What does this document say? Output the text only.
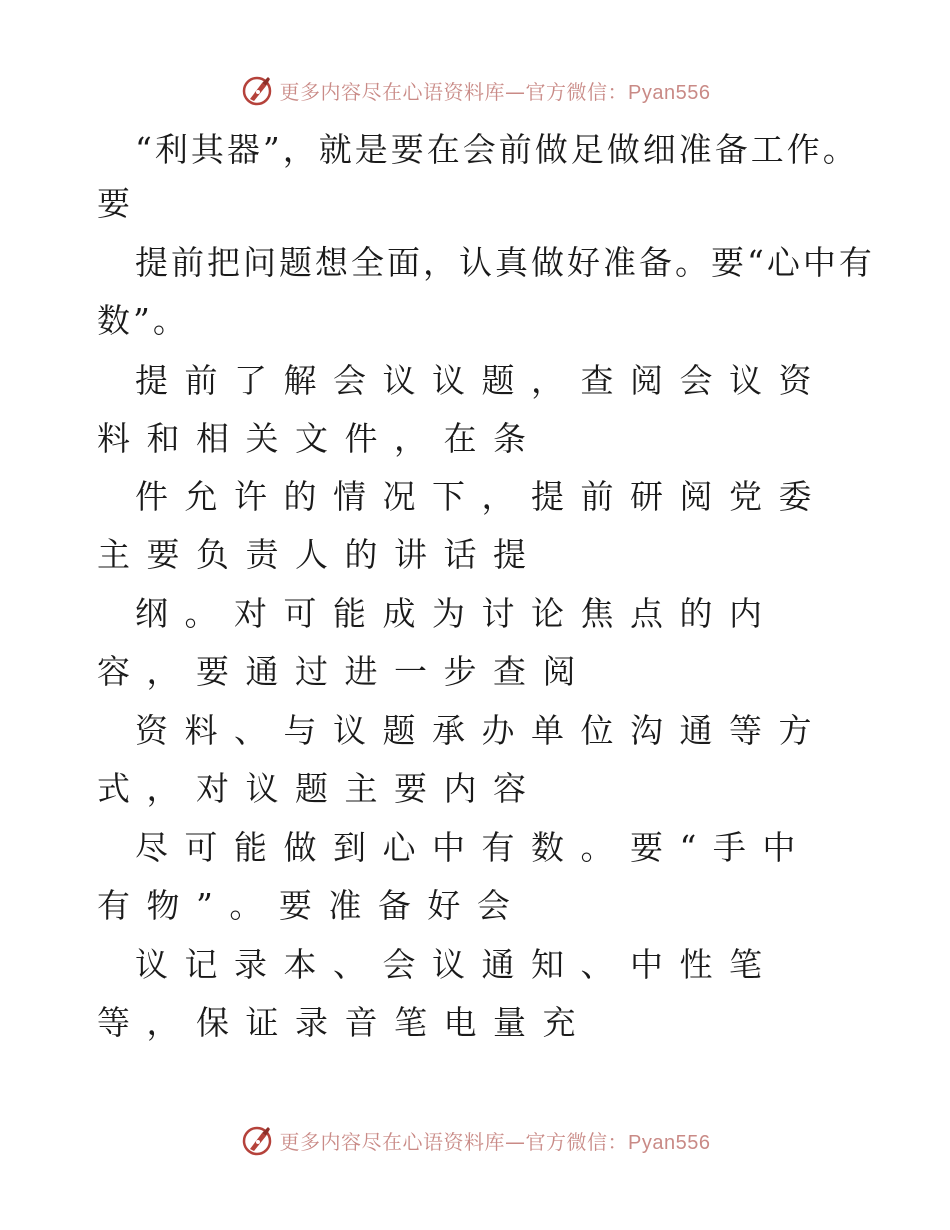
更多内容尽在心语资料库—官方微信：Pyan556
“利其器”，就是要在会前做足做细准备工作。
要
提前把问题想全面，认真做好准备。要“心中有
数”。
提前了解会议议题，查阅会议资
料和相关文件，在条
件允许的情况下，提前研阅党委
主要负责人的讲话提
纲。对可能成为讨论焦点的内
容，要通过进一步查阅
资料、与议题承办单位沟通等方
式，对议题主要内容
尽可能做到心中有数。要“手中
有物”。要准备好会
议记录本、会议通知、中性笔
等，保证录音笔电量充
更多内容尽在心语资料库—官方微信：Pyan556
